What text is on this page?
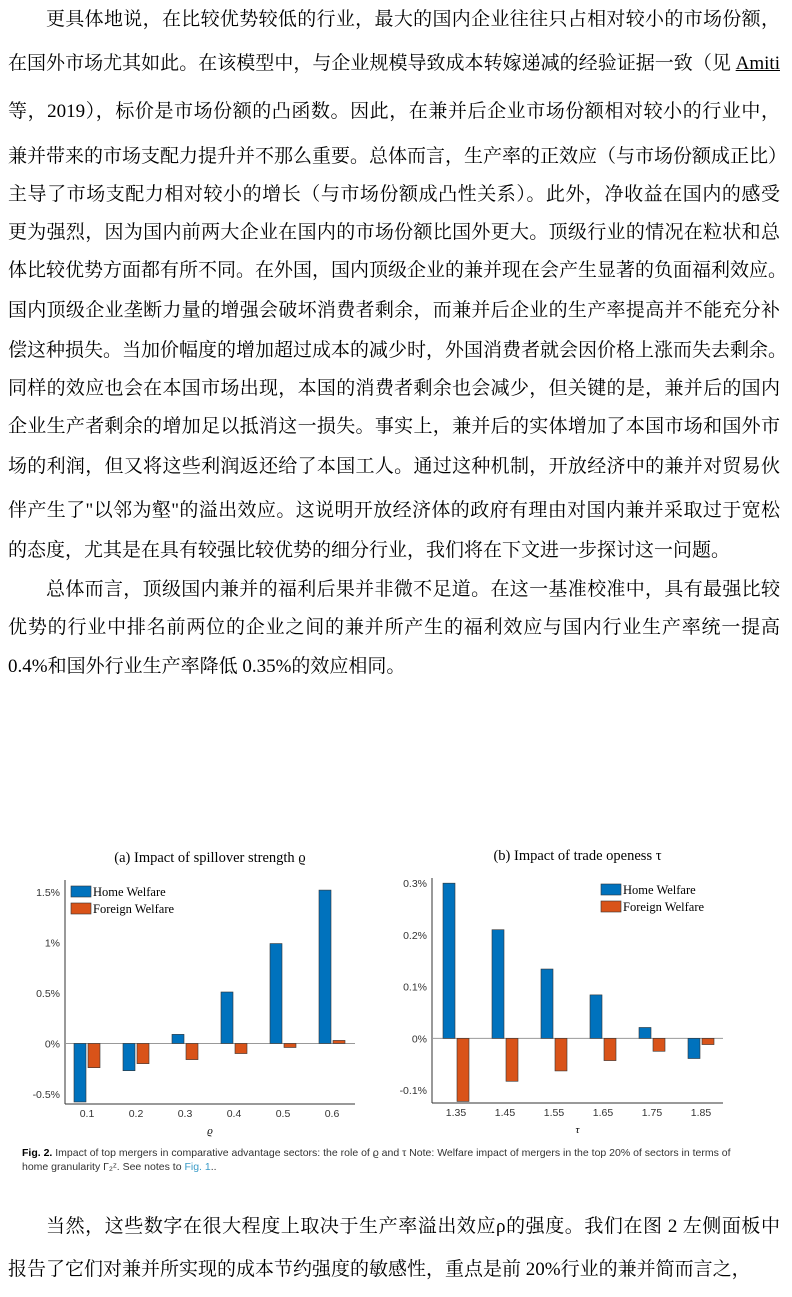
更具体地说，在比较优势较低的行业，最大的国内企业往往只占相对较小的市场份额，
在国外市场尤其如此。在该模型中，与企业规模导致成本转嫁递减的经验证据一致（见 Amiti
等，2019），标价是市场份额的凸函数。因此，在兼并后企业市场份额相对较小的行业中，
兼并带来的市场支配力提升并不那么重要。总体而言，生产率的正效应（与市场份额成正比）
主导了市场支配力相对较小的增长（与市场份额成凸性关系）。此外，净收益在国内的感受
更为强烈，因为国内前两大企业在国内的市场份额比国外更大。顶级行业的情况在粒状和总
体比较优势方面都有所不同。在外国，国内顶级企业的兼并现在会产生显著的负面福利效应。
国内顶级企业垄断力量的增强会破坏消费者剩余，而兼并后企业的生产率提高并不能充分补
偿这种损失。当加价幅度的增加超过成本的减少时，外国消费者就会因价格上涨而失去剩余。
同样的效应也会在本国市场出现，本国的消费者剩余也会减少，但关键的是，兼并后的国内
企业生产者剩余的增加足以抵消这一损失。事实上，兼并后的实体增加了本国市场和国外市
场的利润，但又将这些利润返还给了本国工人。通过这种机制，开放经济中的兼并对贸易伙
伴产生了"以邻为壑"的溢出效应。这说明开放经济体的政府有理由对国内兼并采取过于宽松
的态度，尤其是在具有较强比较优势的细分行业，我们将在下文进一步探讨这一问题。
总体而言，顶级国内兼并的福利后果并非微不足道。在这一基准校准中，具有最强比较
优势的行业中排名前两位的企业之间的兼并所产生的福利效应与国内行业生产率统一提高
0.4%和国外行业生产率降低 0.35%的效应相同。
(a) Impact of spillover strength ϱ
-0.5%
0%
0.5%
1%
1.5%
0.1	0.2	0.3	0.4	0.5	0.6
ϱ
Home Welfare
Foreign Welfare
(b) Impact of trade openess τ
-0.1%
0%
0.1%
0.2%
0.3%
1.35	1.45	1.55	1.65	1.75	1.85
τ
Home Welfare
Foreign Welfare
Fig. 2. Impact of top mergers in comparative advantage sectors: the role of ϱ and τ Note: Welfare impact of mergers in the top 20% of sectors in terms of home granularity Γ₂ᶻ. See notes to Fig. 1..
当然，这些数字在很大程度上取决于生产率溢出效应ρ的强度。我们在图 2 左侧面板中
报告了它们对兼并所实现的成本节约强度的敏感性，重点是前 20%行业的兼并简而言之，
